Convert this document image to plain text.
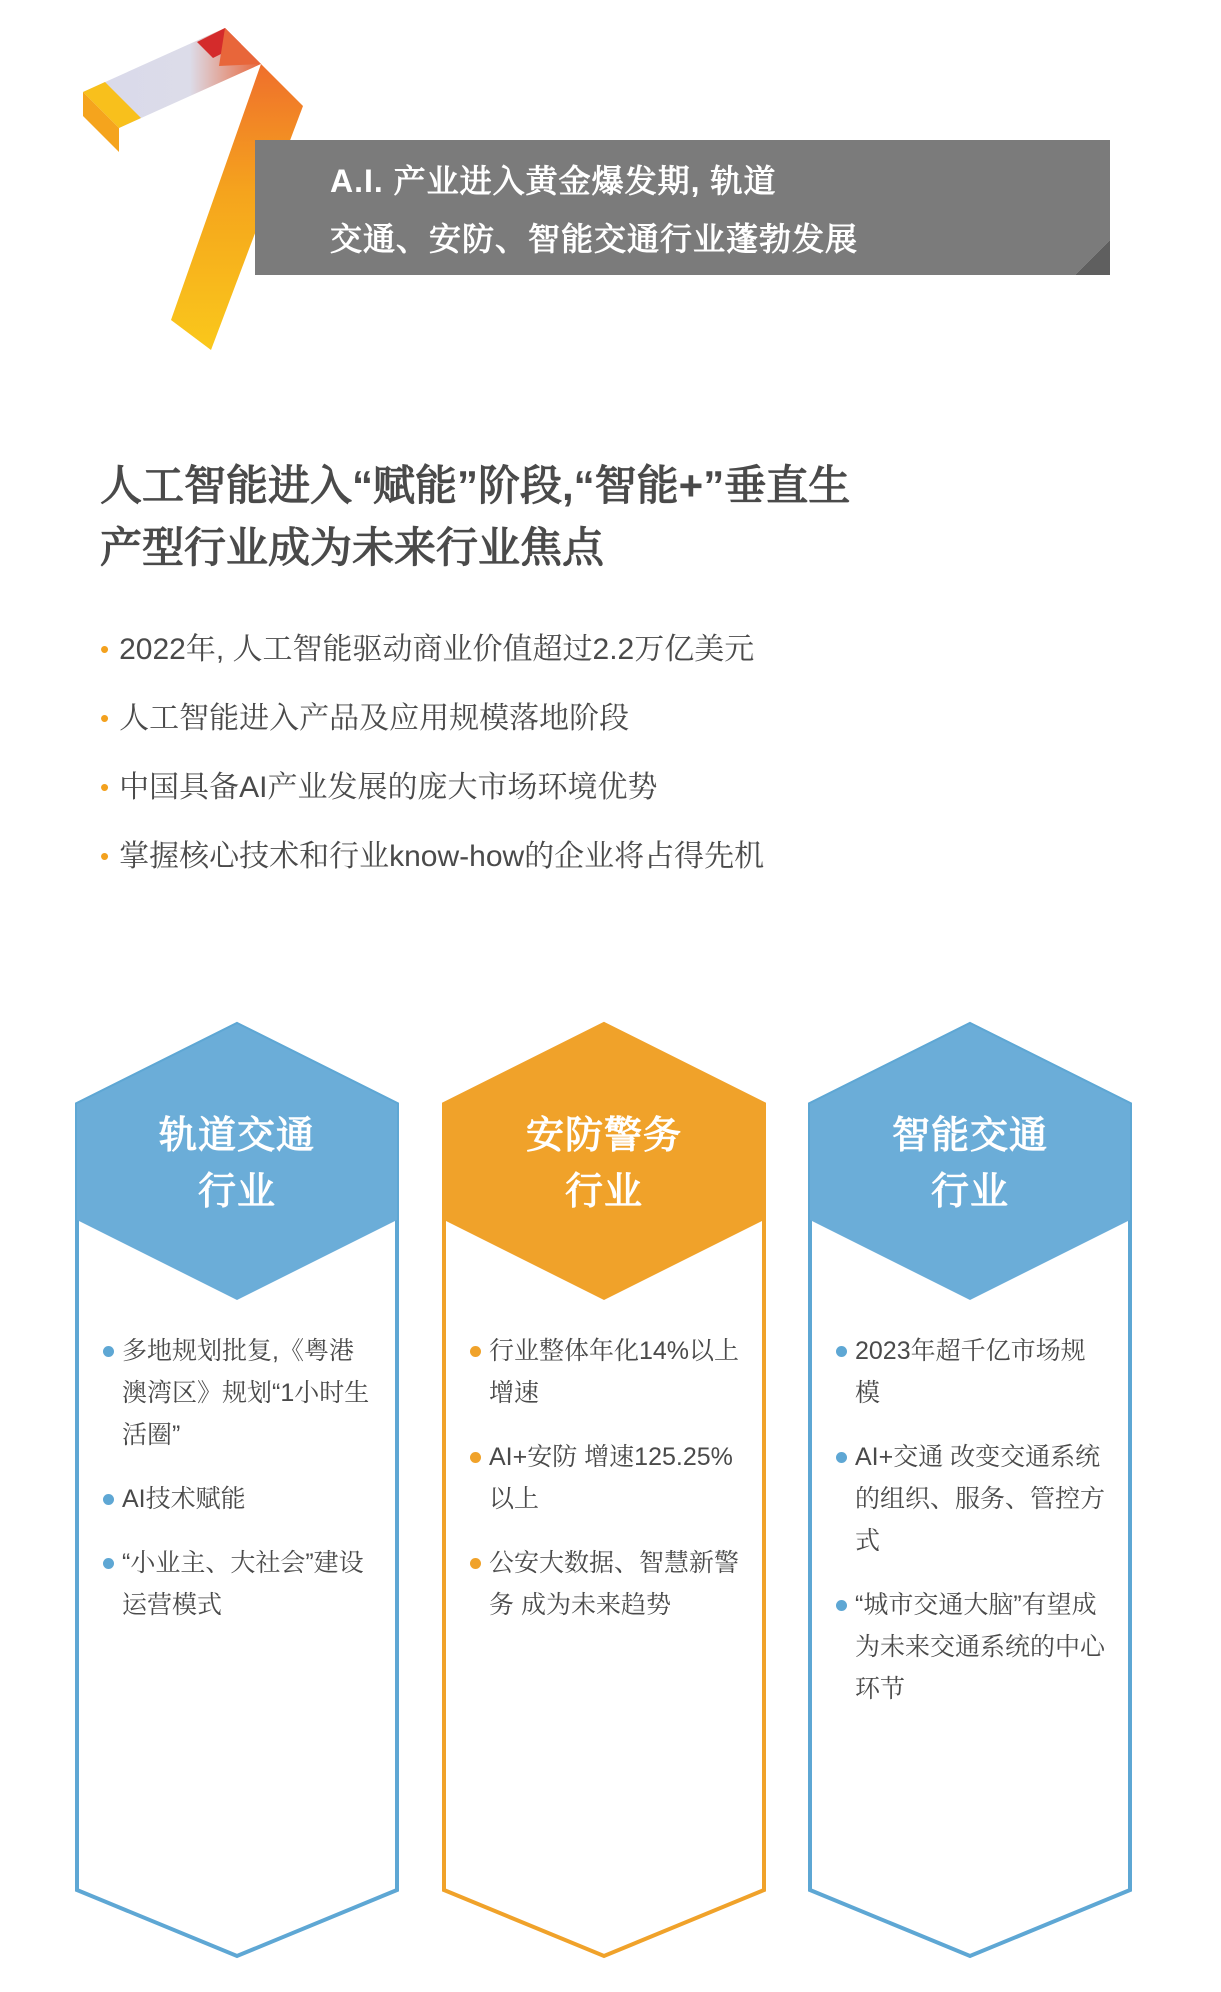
A.I. 产业进入黄金爆发期, 轨道
交通、安防、智能交通行业蓬勃发展
人工智能进入“赋能”阶段,“智能+”垂直生
产型行业成为未来行业焦点
• 2022年, 人工智能驱动商业价值超过2.2万亿美元
• 人工智能进入产品及应用规模落地阶段
• 中国具备AI产业发展的庞大市场环境优势
• 掌握核心技术和行业know-how的企业将占得先机
轨道交通
行业
多地规划批复,《粤港澳湾区》规划“1小时生活圈”
AI技术赋能
“小业主、大社会”建设运营模式
安防警务
行业
行业整体年化14%以上增速
AI+安防 增速125.25%以上
公安大数据、智慧新警务 成为未来趋势
智能交通
行业
2023年超千亿市场规模
AI+交通 改变交通系统的组织、服务、管控方式
“城市交通大脑”有望成为未来交通系统的中心环节
